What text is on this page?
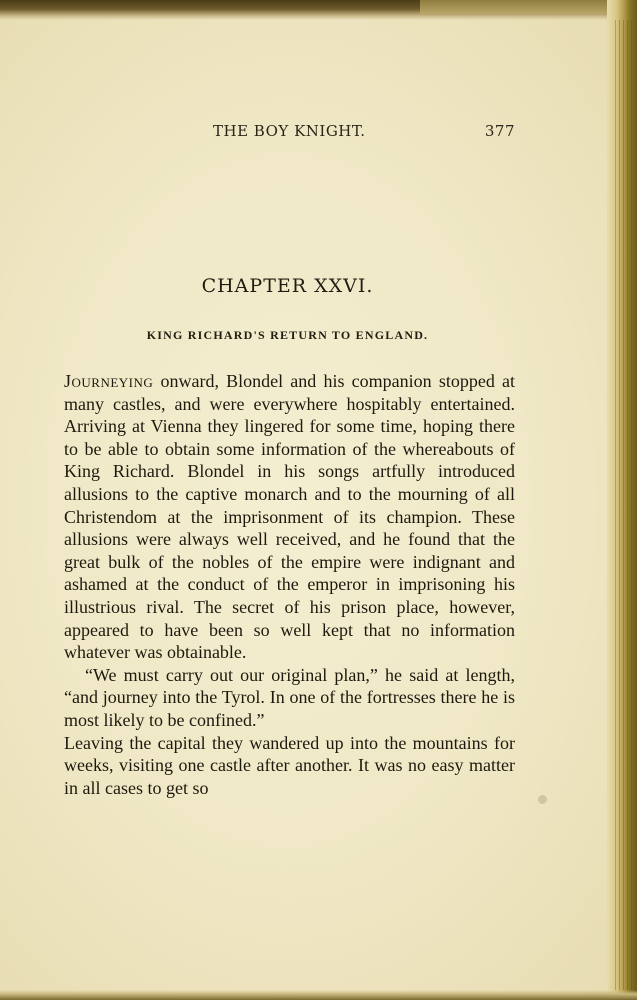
THE BOY KNIGHT.	377
CHAPTER XXVI.
KING RICHARD'S RETURN TO ENGLAND.

Journeying onward, Blondel and his companion stopped at many castles, and were everywhere hospitably entertained. Arriving at Vienna they lingered for some time, hoping there to be able to obtain some information of the whereabouts of King Richard. Blondel in his songs artfully introduced allusions to the captive monarch and to the mourning of all Christendom at the imprisonment of its champion. These allusions were always well received, and he found that the great bulk of the nobles of the empire were indignant and ashamed at the conduct of the emperor in imprisoning his illustrious rival. The secret of his prison place, however, appeared to have been so well kept that no information whatever was obtainable.

“We must carry out our original plan,” he said at length, “and journey into the Tyrol. In one of the fortresses there he is most likely to be confined.”

Leaving the capital they wandered up into the mountains for weeks, visiting one castle after another. It was no easy matter in all cases to get so
